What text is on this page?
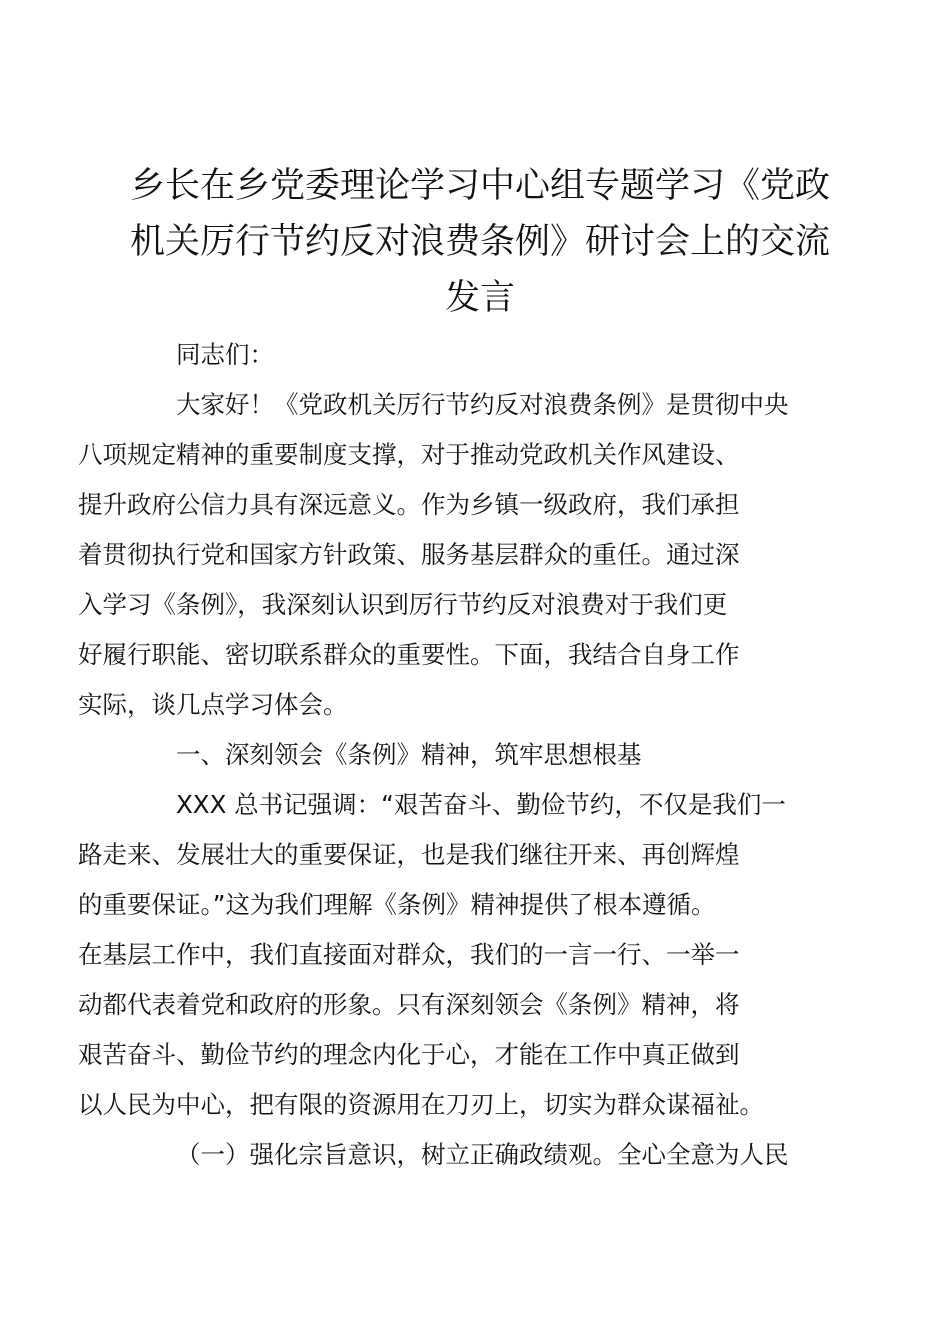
乡长在乡党委理论学习中心组专题学习《党政
机关厉行节约反对浪费条例》研讨会上的交流
发言

同志们：

大家好！《党政机关厉行节约反对浪费条例》是贯彻中央
八项规定精神的重要制度支撑，对于推动党政机关作风建设、
提升政府公信力具有深远意义。作为乡镇一级政府，我们承担
着贯彻执行党和国家方针政策、服务基层群众的重任。通过深
入学习《条例》，我深刻认识到厉行节约反对浪费对于我们更
好履行职能、密切联系群众的重要性。下面，我结合自身工作
实际，谈几点学习体会。

一、深刻领会《条例》精神，筑牢思想根基

XXX 总书记强调：“艰苦奋斗、勤俭节约，不仅是我们一
路走来、发展壮大的重要保证，也是我们继往开来、再创辉煌
的重要保证。”这为我们理解《条例》精神提供了根本遵循。
在基层工作中，我们直接面对群众，我们的一言一行、一举一
动都代表着党和政府的形象。只有深刻领会《条例》精神，将
艰苦奋斗、勤俭节约的理念内化于心，才能在工作中真正做到
以人民为中心，把有限的资源用在刀刃上，切实为群众谋福祉。

（一）强化宗旨意识，树立正确政绩观。全心全意为人民
